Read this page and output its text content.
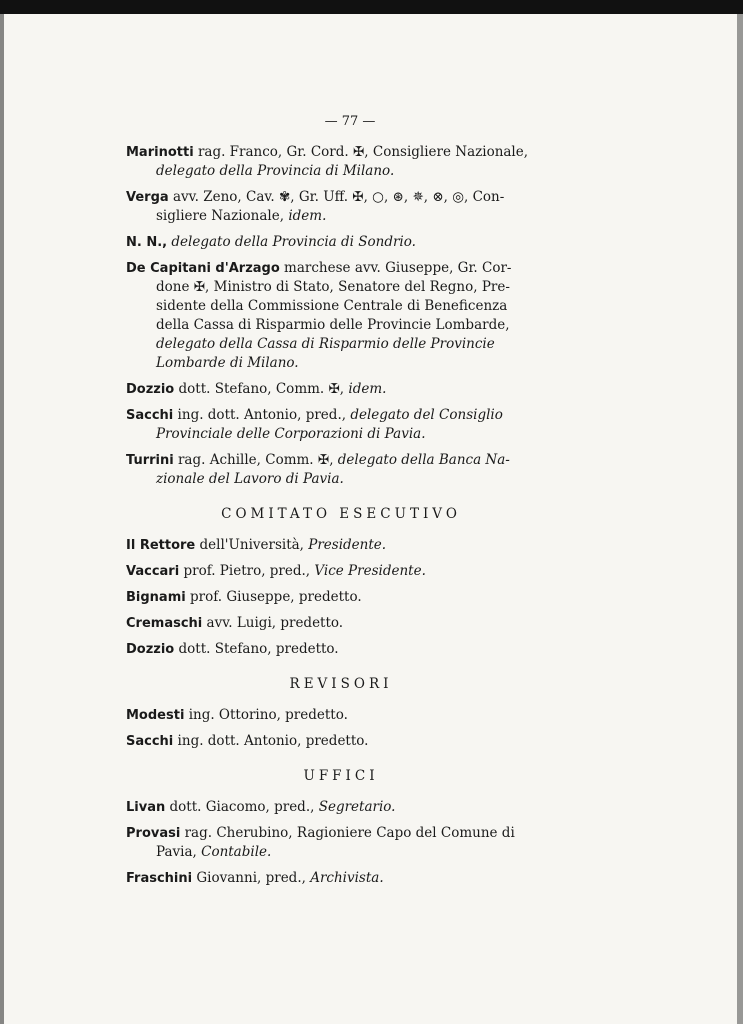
— 77 —
Marinotti rag. Franco, Gr. Cord. ✠, Consigliere Nazionale,
delegato della Provincia di Milano.
Verga avv. Zeno, Cav. ✾, Gr. Uff. ✠, ○, ⊛, ✵, ⊗, ◎, Con-
sigliere Nazionale, idem.
N. N., delegato della Provincia di Sondrio.
De Capitani d'Arzago marchese avv. Giuseppe, Gr. Cor-
done ✠, Ministro di Stato, Senatore del Regno, Pre-
sidente della Commissione Centrale di Beneficenza
della Cassa di Risparmio delle Provincie Lombarde,
delegato della Cassa di Risparmio delle Provincie
Lombarde di Milano.
Dozzio dott. Stefano, Comm. ✠, idem.
Sacchi ing. dott. Antonio, pred., delegato del Consiglio
Provinciale delle Corporazioni di Pavia.
Turrini rag. Achille, Comm. ✠, delegato della Banca Na-
zionale del Lavoro di Pavia.
COMITATO ESECUTIVO
Il Rettore dell'Università, Presidente.
Vaccari prof. Pietro, pred., Vice Presidente.
Bignami prof. Giuseppe, predetto.
Cremaschi avv. Luigi, predetto.
Dozzio dott. Stefano, predetto.
REVISORI
Modesti ing. Ottorino, predetto.
Sacchi ing. dott. Antonio, predetto.
UFFICI
Livan dott. Giacomo, pred., Segretario.
Provasi rag. Cherubino, Ragioniere Capo del Comune di
Pavia, Contabile.
Fraschini Giovanni, pred., Archivista.
